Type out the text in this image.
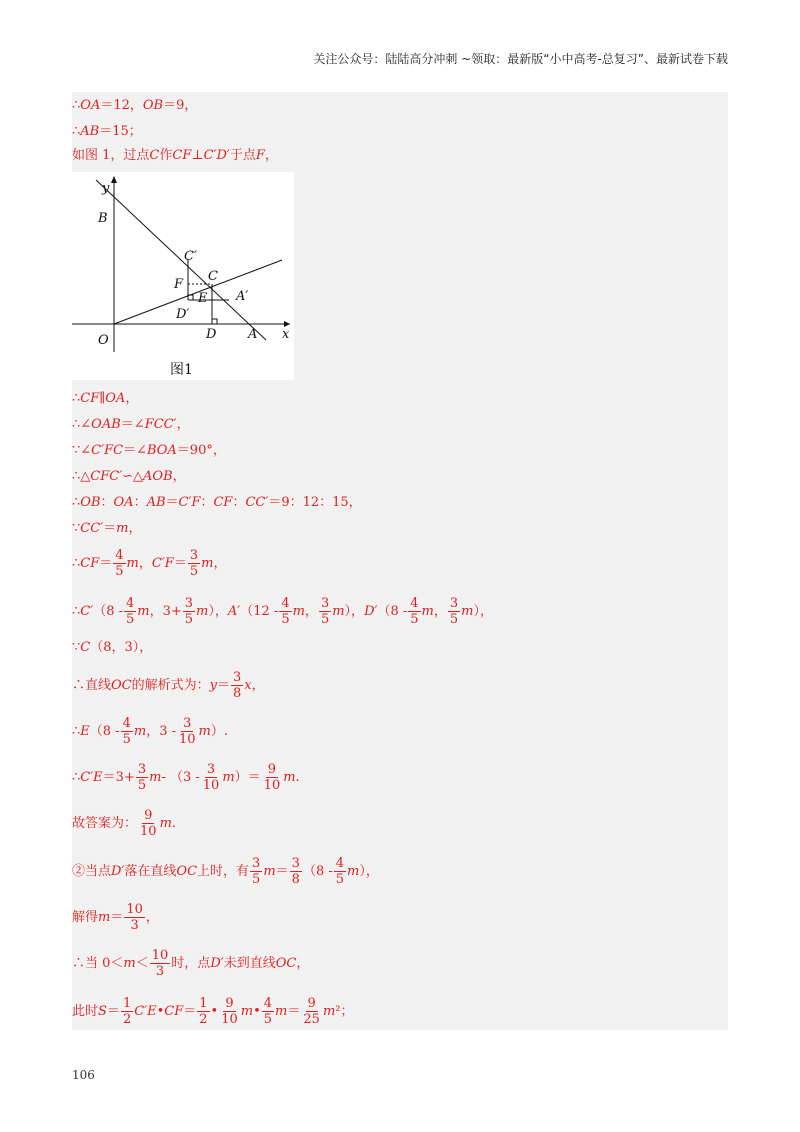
关注公众号：陆陆高分冲刺 ~领取：最新版“小中高考-总复习”、最新试卷下载
∴ OA ＝12， OB ＝9，
∴ AB ＝15；
如图 1，过点 C 作 CF ⊥ C′D′ 于点 F ，
y
x
O
B
C′
C
F
E A′
D′
D A
图1
∴ CF ∥ OA ，
∴∠ OAB ＝∠ FCC′ ，
∵∠ C′FC ＝∠ BOA ＝90°，
∴△ CFC′ ∽△ AOB ，
∴ OB ： OA ： AB ＝ C′F ： CF ： CC′ ＝9：12：15，
∵ CC′ ＝ m ，
∴ CF ＝ $\frac{4}{5}$ m ， $C'F = \frac{3}{5}$ m ，
∴ C′ （$8 - \frac{4}{5}$ m ，$3+ \frac{3}{5}$ m ）， A′ （$12 - \frac{4}{5}$ m ， $\frac{3}{5}$ m ）， D′ （$8 - \frac{4}{5}$ m ， $\frac{3}{5}$ m ），
∵ C （8，3），
∴直线 OC 的解析式为： $y = \frac{3}{8}$ x ，
∴ E （$8 - \frac{4}{5}$ m ，$3 - \frac{3}{10}$ m ）.
∴ $C'E =3+ \frac{3}{5}$ m - （$3 - \frac{3}{10}$ m ）＝ $\frac{9}{10}$ m .
故答案为： $\frac{9}{10}$ m .
②当点 D′ 落在直线 OC 上时，有 $\frac{3}{5}$ $m = \frac{3}{8} (8 - \frac{4}{5}$ m ），
解得 $m = \frac{10}{3}$ ，
∴当 $0< m < \frac{10}{3}$ 时，点 D′ 未到直线 OC ，
此时 $S = \frac{1}{2} C'E$ • CF ＝ $\frac{1}{2}$ • $\frac{9}{10}$ m • $\frac{4}{5}$ $m = \frac{9}{25}$ m ²；
106
